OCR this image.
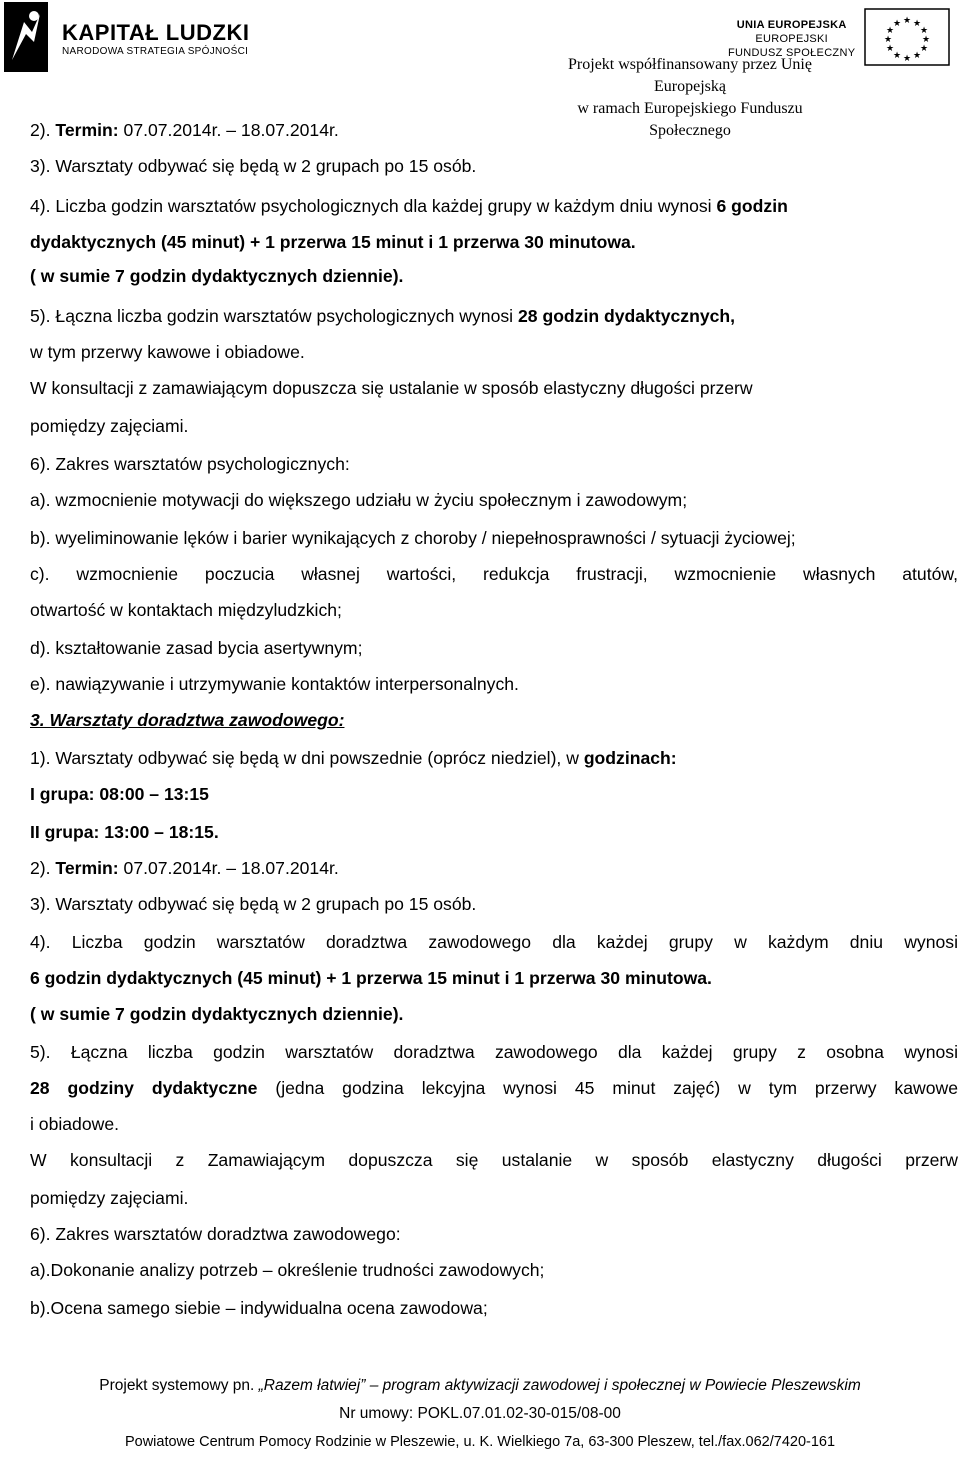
KAPITAŁ LUDZKI
NARODOWA STRATEGIA SPÓJNOŚCI
UNIA EUROPEJSKA
EUROPEJSKI
FUNDUSZ SPOŁECZNY
★ ★
★
★
★
★
★
★
★
★
★
★
Projekt współfinansowany przez Unię Europejską
w ramach Europejskiego Funduszu Społecznego
2). Termin: 07.07.2014r. – 18.07.2014r.
3). Warsztaty odbywać się będą w 2 grupach po 15 osób.
4). Liczba godzin warsztatów psychologicznych dla każdej grupy w każdym dniu wynosi 6 godzin
dydaktycznych (45 minut) + 1 przerwa 15 minut i 1 przerwa 30 minutowa.
( w sumie 7 godzin dydaktycznych dziennie).
5). Łączna liczba godzin warsztatów psychologicznych wynosi 28 godzin dydaktycznych,
w tym przerwy kawowe i obiadowe.
W konsultacji z zamawiającym dopuszcza się ustalanie w sposób elastyczny długości przerw
pomiędzy zajęciami.
6). Zakres warsztatów psychologicznych:
a). wzmocnienie motywacji do większego udziału w życiu społecznym i zawodowym;
b). wyeliminowanie lęków i barier wynikających z choroby / niepełnosprawności / sytuacji życiowej;
c). wzmocnienie poczucia własnej wartości, redukcja frustracji, wzmocnienie własnych atutów,
otwartość w kontaktach międzyludzkich;
d). kształtowanie zasad bycia asertywnym;
e). nawiązywanie i utrzymywanie kontaktów interpersonalnych.
3. Warsztaty doradztwa zawodowego:
1). Warsztaty odbywać się będą w dni powszednie (oprócz niedziel), w godzinach:
I grupa: 08:00 – 13:15
II grupa: 13:00 – 18:15.
2). Termin: 07.07.2014r. – 18.07.2014r.
3). Warsztaty odbywać się będą w 2 grupach po 15 osób.
4). Liczba godzin warsztatów doradztwa zawodowego dla każdej grupy w każdym dniu wynosi
6 godzin dydaktycznych (45 minut) + 1 przerwa 15 minut i 1 przerwa 30 minutowa.
( w sumie 7 godzin dydaktycznych dziennie).
5). Łączna liczba godzin warsztatów doradztwa zawodowego dla każdej grupy z osobna wynosi
28 godziny dydaktyczne (jedna godzina lekcyjna wynosi 45 minut zajęć) w tym przerwy kawowe
i obiadowe.
W konsultacji z Zamawiającym dopuszcza się ustalanie w sposób elastyczny długości przerw
pomiędzy zajęciami.
6). Zakres warsztatów doradztwa zawodowego:
a).Dokonanie analizy potrzeb – określenie trudności zawodowych;
b).Ocena samego siebie – indywidualna ocena zawodowa;
Projekt systemowy pn. „Razem łatwiej” – program aktywizacji zawodowej i społecznej w Powiecie Pleszewskim
Nr umowy: POKL.07.01.02-30-015/08-00
Powiatowe Centrum Pomocy Rodzinie w Pleszewie, u. K. Wielkiego 7a, 63-300 Pleszew, tel./fax.062/7420-161
